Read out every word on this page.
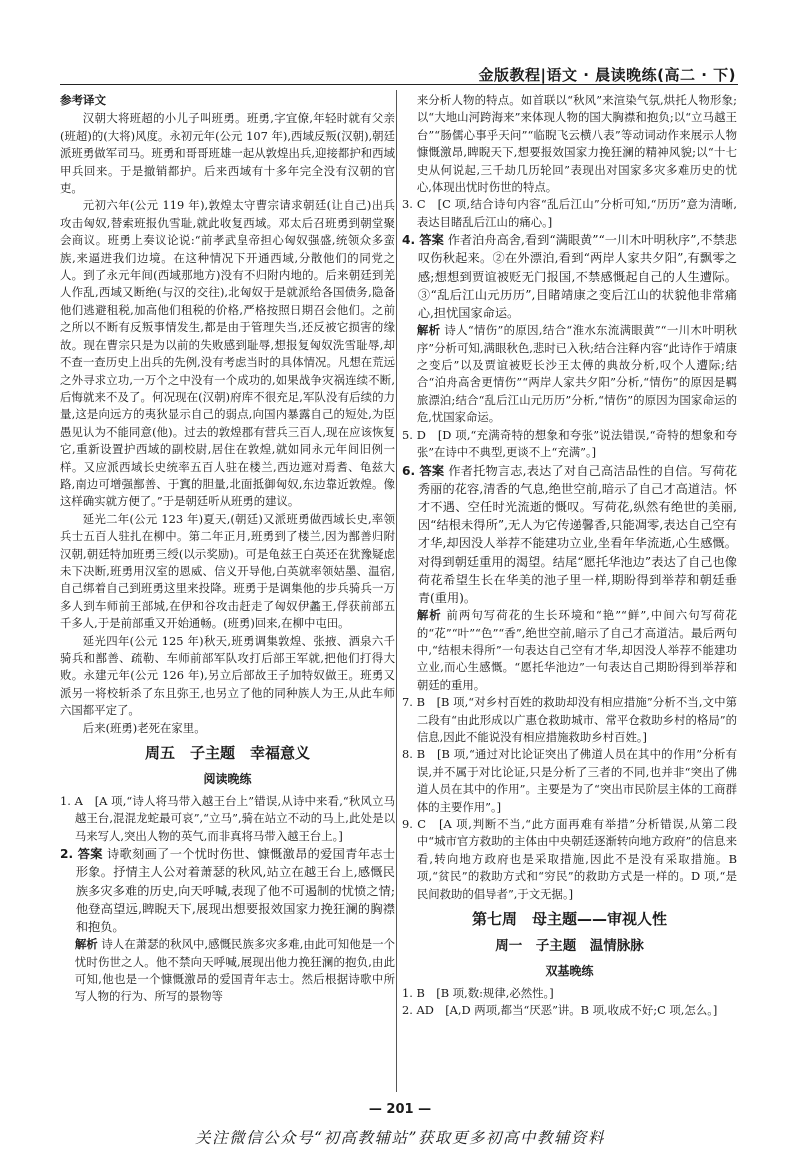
金版教程|语文 · 晨读晚练(高二 · 下)

参考译文

汉朝大将班超的小儿子叫班勇。班勇,字宜僚,年轻时就有父亲(班超)的(大将)风度。永初元年(公元 107 年),西域反叛(汉朝),朝廷派班勇做军司马。班勇和哥哥班雄一起从敦煌出兵,迎接都护和西域甲兵回来。于是撤销都护。后来西域有十多年完全没有汉朝的官吏。

元初六年(公元 119 年),敦煌太守曹宗请求朝廷(让自己)出兵攻击匈奴,替索班报仇雪耻,就此收复西域。邓太后召班勇到朝堂聚会商议。班勇上奏议论说:“前孝武皇帝担心匈奴强盛,统领众多蛮族,来逼进我们边境。在这种情况下开通西域,分散他们的同党之人。到了永元年间(西域那地方)没有不归附内地的。后来朝廷到羌人作乱,西域又断绝(与汉的交往),北匈奴于是就派给各国债务,隐备他们逃避租税,加高他们租税的价格,严格按照日期召会他们。之前之所以不断有反叛事情发生,都是由于管理失当,还反被它损害的缘故。现在曹宗只是为以前的失败感到耻辱,想报复匈奴洗雪耻辱,却不查一查历史上出兵的先例,没有考虑当时的具体情况。凡想在荒远之外寻求立功,一万个之中没有一个成功的,如果战争灾祸连续不断,后悔就来不及了。何况现在(汉朝)府库不很充足,军队没有后续的力量,这是向远方的夷狄显示自己的弱点,向国内暴露自己的短处,为臣愚见认为不能同意(他)。过去的敦煌郡有营兵三百人,现在应该恢复它,重新设置护西域的副校尉,居住在敦煌,就如同永元年间旧例一样。又应派西域长史统率五百人驻在楼兰,西边遮对焉耆、龟兹大路,南边可增强鄯善、于窴的胆量,北面抵御匈奴,东边靠近敦煌。像这样确实就方便了。”于是朝廷听从班勇的建议。

延光二年(公元 123 年)夏天,(朝廷)又派班勇做西域长史,率领兵士五百人驻扎在柳中。第二年正月,班勇到了楼兰,因为鄯善归附汉朝,朝廷特加班勇三绶(以示奖励)。可是龟兹王白英还在犹豫疑虑未下决断,班勇用汉室的恩威、信义开导他,白英就率领姑墨、温宿,自己绑着自己到班勇这里来投降。班勇于是调集他的步兵骑兵一万多人到车师前王部城,在伊和谷攻击赶走了匈奴伊蠡王,俘获前部五千多人,于是前部重又开始通畅。(班勇)回来,在柳中屯田。

延光四年(公元 125 年)秋天,班勇调集敦煌、张掖、酒泉六千骑兵和鄯善、疏勒、车师前部军队攻打后部王军就,把他们打得大败。永建元年(公元 126 年),另立后部故王子加特奴做王。班勇又派另一将校斩杀了东且弥王,也另立了他的同种族人为王,从此车师六国都平定了。

后来(班勇)老死在家里。

周五　子主题　幸福意义
阅读晚练

1. A　[A 项,“诗人将马带入越王台上”错误,从诗中来看,“秋风立马越王台,混混龙蛇最可哀”,“立马”,骑在站立不动的马上,此处是以马来写人,突出人物的英气,而非真将马带入越王台上。]

2. 答案 诗歌刻画了一个忧时伤世、慷慨激昂的爱国青年志士形象。抒情主人公对着萧瑟的秋风,站立在越王台上,感慨民族多灾多难的历史,向天呼喊,表现了他不可遏制的忧愤之情;他登高望远,睥睨天下,展现出想要报效国家力挽狂澜的胸襟和抱负。

解析 诗人在萧瑟的秋风中,感慨民族多灾多难,由此可知他是一个忧时伤世之人。他不禁向天呼喊,展现出他力挽狂澜的抱负,由此可知,他也是一个慷慨激昂的爱国青年志士。然后根据诗歌中所写人物的行为、所写的景物等

来分析人物的特点。如首联以“秋风”来渲染气氛,烘托人物形象;以“大地山河跨海来”来体现人物的国大胸襟和抱负;以“立马越王台”“肠儒心事乎天问”“临睨飞云横八表”等动词动作来展示人物慷慨激昂,睥睨天下,想要报效国家力挽狂澜的精神风貌;以“十七史从何说起,三千劫几历轮回”表现出对国家多灾多难历史的忧心,体现出忧时伤世的特点。

3. C　[C 项,结合诗句内容“乱后江山”分析可知,“历历”意为清晰,表达目睹乱后江山的痛心。]

4. 答案 作者泊舟高舍,看到“满眼黄”“一川木叶明秋序”,不禁悲叹伤秋起来。②在外漂泊,看到“两岸人家共夕阳”,有飘零之感;想想到贾谊被贬无门报国,不禁感慨起自己的人生遭际。③“乱后江山元历历”,目睹靖康之变后江山的状貌他非常痛心,担忧国家命运。

解析 诗人“情伤”的原因,结合“淮水东流满眼黄”“一川木叶明秋序”分析可知,满眼秋色,悲时已入秋;结合注释内容“此诗作于靖康之变后”以及贾谊被贬长沙王太傅的典故分析,叹个人遭际;结合“泊舟高舍更情伤”“两岸人家共夕阳”分析,“情伤”的原因是羁旅漂泊;结合“乱后江山元历历”分析,“情伤”的原因为国家命运的危,忧国家命运。

5. D　[D 项,“充满奇特的想象和夸张”说法错误,“奇特的想象和夸张”在诗中不典型,更谈不上“充满”。]

6. 答案 作者托物言志,表达了对自己高洁品性的自信。写荷花秀丽的花容,清香的气息,绝世空前,暗示了自己才高道洁。怀才不遇、空任时光流逝的慨叹。写荷花,纵然有绝世的美丽,因“结根未得所”,无人为它传递馨香,只能凋零,表达自己空有才华,却因没人举荐不能建功立业,坐看年华流逝,心生感慨。对得到朝廷重用的渴望。结尾“愿托华池边”表达了自己也像荷花希望生长在华美的池子里一样,期盼得到举荐和朝廷垂青(重用)。

解析 前两句写荷花的生长环境和“艳”“鲜”,中间六句写荷花的“花”“叶”“色”“香”,绝世空前,暗示了自己才高道洁。最后两句中,“结根未得所”一句表达自己空有才华,却因没人举荐不能建功立业,而心生感慨。“愿托华池边”一句表达自己期盼得到举荐和朝廷的重用。

7. B　[B 项,“对乡村百姓的救助却没有相应措施”分析不当,文中第二段有“由此形成以广惠仓救助城市、常平仓救助乡村的格局”的信息,因此不能说没有相应措施救助乡村百姓。]

8. B　[B 项,“通过对比论证突出了佛道人员在其中的作用”分析有误,并不属于对比论证,只是分析了三者的不同,也并非“突出了佛道人员在其中的作用”。主要是为了“突出市民阶层主体的工商群体的主要作用”。]

9. C　[A 项,判断不当,“此方面再难有举措”分析错误,从第二段中“城市官方救助的主体由中央朝廷逐渐转向地方政府”的信息来看,转向地方政府也是采取措施,因此不是没有采取措施。B 项,“贫民”的救助方式和“穷民”的救助方式是一样的。D 项,“是民间救助的倡导者”,于文无据。]

第七周　母主题——审视人性
周一　子主题　温情脉脉
双基晚练

1. B　[B 项,数:规律,必然性。]

2. AD　[A,D 两项,都当“厌恶”讲。B 项,收成不好;C 项,怎么。]

— 201 —
关注微信公众号“初高教辅站”获取更多初高中教辅资料
